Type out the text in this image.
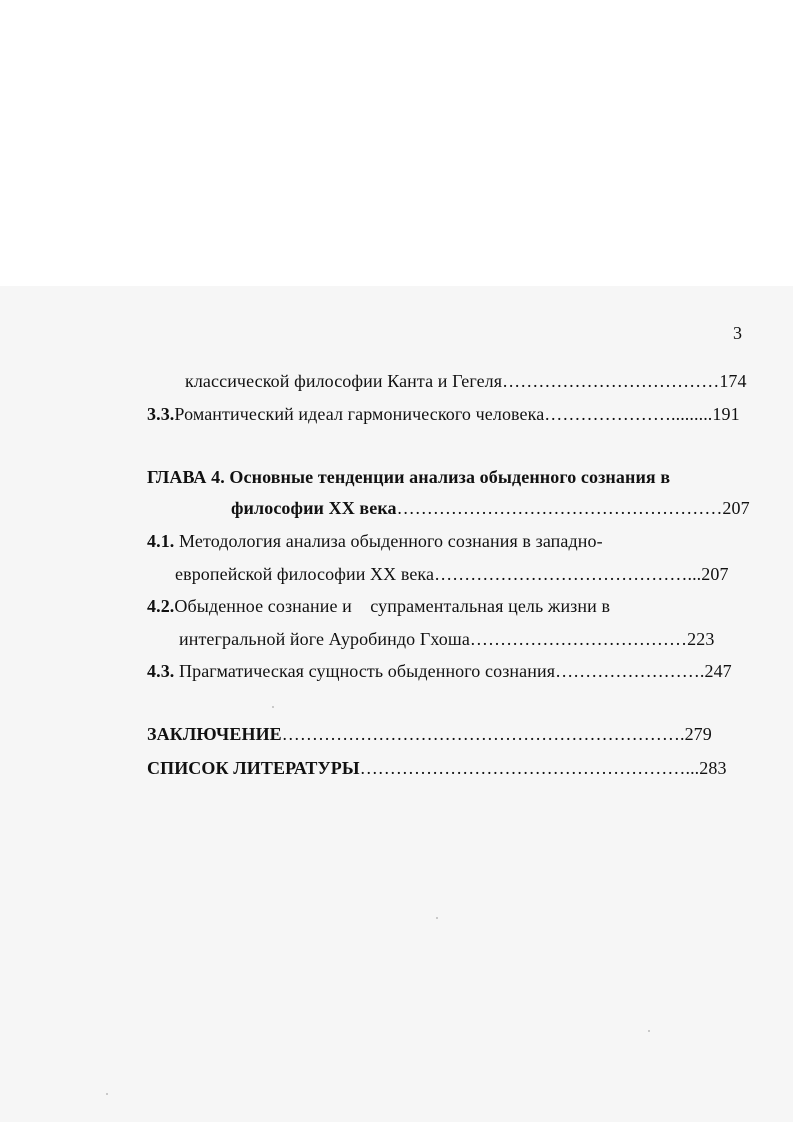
3
классической философии Канта и Гегеля………………………………174
3.3.Романтический идеал гармонического человека………………….........191
ГЛАВА 4. Основные тенденции анализа обыденного сознания в
философии XX века………………………………………………207
4.1. Методология анализа обыденного сознания в западно-
европейской философии XX века……………………………………...207
4.2.Обыденное сознание и    супраментальная цель жизни в
интегральной йоге Ауробиндо Гхоша………………………………223
4.3. Прагматическая сущность обыденного сознания…………………….247
ЗАКЛЮЧЕНИЕ………………………………………………………….279
СПИСОК ЛИТЕРАТУРЫ………………………………………………...283
